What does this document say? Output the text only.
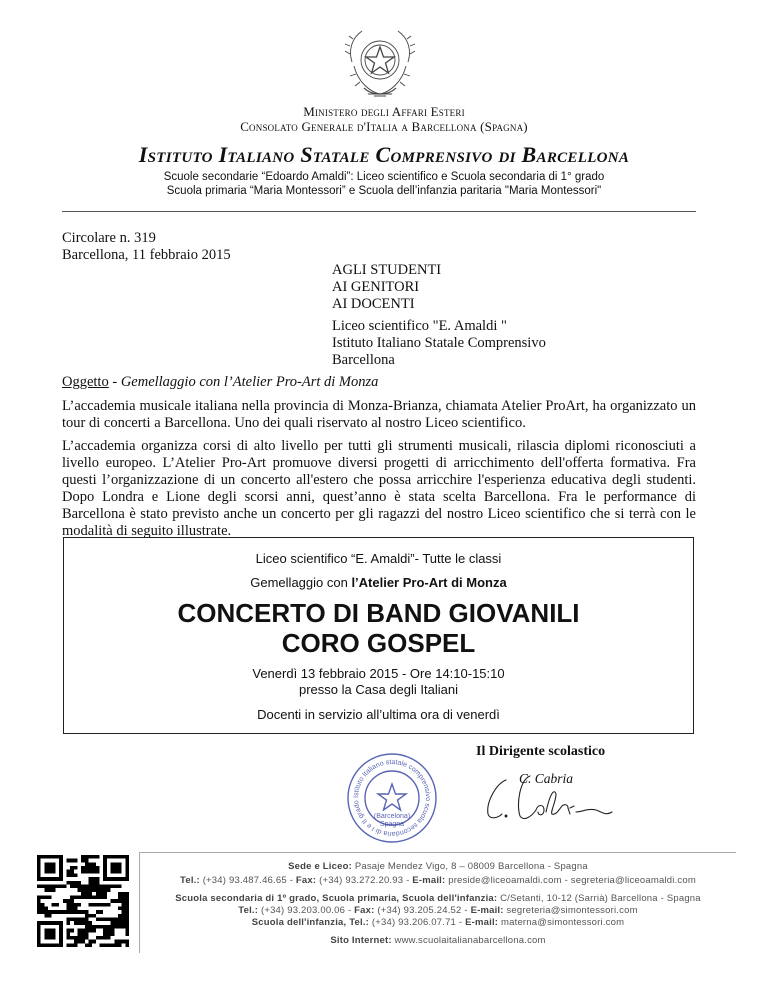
Ministero degli Affari Esteri
Consolato Generale d'Italia a Barcellona (Spagna)
Istituto Italiano Statale Comprensivo di Barcellona
Scuole secondarie “Edoardo Amaldi”: Liceo scientifico e Scuola secondaria di 1° grado
Scuola primaria “Maria Montessori” e Scuola dell’infanzia paritaria "Maria Montessori"
Circolare n. 319
Barcellona, 11 febbraio 2015
AGLI STUDENTI
AI GENITORI
AI DOCENTI
Liceo scientifico "E. Amaldi "
Istituto Italiano Statale Comprensivo
Barcellona
Oggetto - Gemellaggio con l’Atelier Pro-Art di Monza
L’accademia musicale italiana nella provincia di Monza-Brianza, chiamata Atelier ProArt, ha organizzato un tour di concerti a Barcellona. Uno dei quali riservato al nostro Liceo scientifico.
L’accademia organizza corsi di alto livello per tutti gli strumenti musicali, rilascia diplomi riconosciuti a livello europeo. L’Atelier Pro-Art promuove diversi progetti di arricchimento dell'offerta formativa. Fra questi l’organizzazione di un concerto all'estero che possa arricchire l'esperienza educativa degli studenti. Dopo Londra e Lione degli scorsi anni, quest’anno è stata scelta Barcellona. Fra le performance di Barcellona è stato previsto anche un concerto per gli ragazzi del nostro Liceo scientifico che si terrà con le modalità di seguito illustrate.
Liceo scientifico “E. Amaldi”- Tutte le classi
Gemellaggio con l’Atelier Pro-Art di Monza
CONCERTO DI BAND GIOVANILI
CORO GOSPEL
Venerdì 13 febbraio 2015 - Ore 14:10-15:10
presso la Casa degli Italiani
Docenti in servizio all’ultima ora di venerdì
Il Dirigente scolastico
C. Cabria
Istituto Italiano statale comprensivo scuola secondaria di I e II grado
(Barcelona)
Spagna
Sede e Liceo: Pasaje Mendez Vigo, 8 – 08009 Barcellona - Spagna
Tel.: (+34) 93.487.46.65 - Fax: (+34) 93.272.20.93 - E-mail: preside@liceoamaldi.com - segreteria@liceoamaldi.com
Scuola secondaria di 1º grado, Scuola primaria, Scuola dell'infanzia: C/Setanti, 10-12 (Sarrià) Barcellona - Spagna
Tel.: (+34) 93.203.00.06 - Fax: (+34) 93.205.24.52 - E-mail: segreteria@simontessori.com
Scuola dell'infanzia, Tel.: (+34) 93.206.07.71 - E-mail: materna@simontessori.com
Sito Internet: www.scuolaitalianabarcellona.com
